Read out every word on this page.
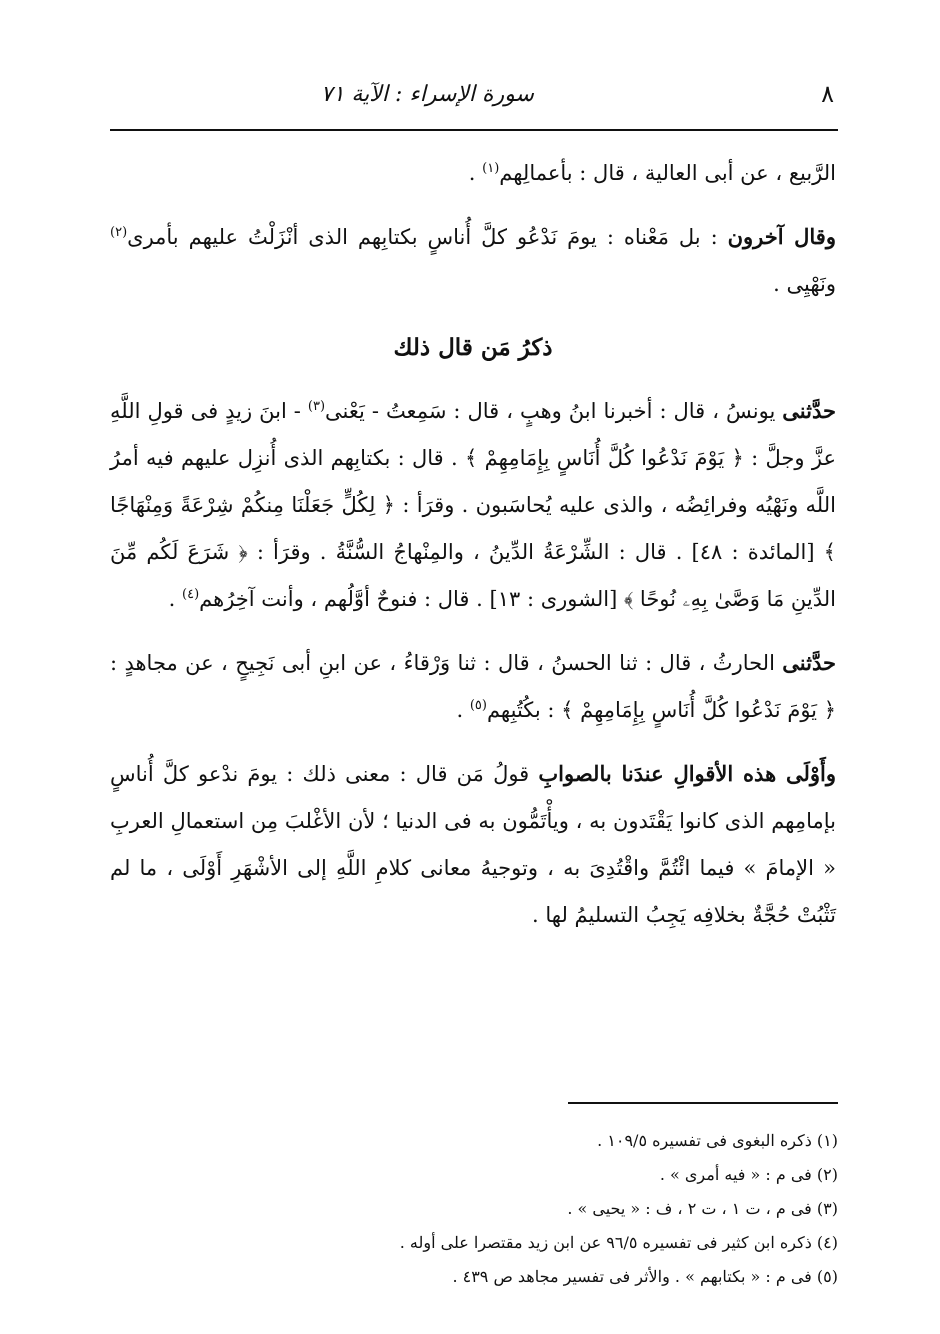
٨
سورة الإسراء : الآية ٧١

الرَّبيع ، عن أبى العالية ، قال : بأعمالِهم$^{(١)}$ .

وقال آخرون : بل مَعْناه : يومَ نَدْعُو كلَّ أُناسٍ بكتابِهم الذى أنْزَلْتُ عليهم بأمرى$^{(٢)}$ ونَهْيِى .

ذكرُ مَن قال ذلك

حدَّثنى يونسُ ، قال : أخبرنا ابنُ وهبٍ ، قال : سَمِعتُ - يَعْنى$^{(٣)}$ - ابنَ زيدٍ فى قولِ اللَّهِ عزَّ وجلَّ : ﴿ يَوْمَ نَدْعُوا كُلَّ أُنَاسٍ بِإِمَامِهِمْ ﴾ . قال : بكتابِهم الذى أُنزِل عليهم فيه أمرُ اللَّه ونَهْيُه وفرائِضُه ، والذى عليه يُحاسَبون . وقرَأ : ﴿ لِكُلٍّ جَعَلْنَا مِنكُمْ شِرْعَةً وَمِنْهَاجًا ﴾ [المائدة : ٤٨] . قال : الشِّرْعَةُ الدِّينُ ، والمِنْهاجُ السُّنَّةُ . وقرَأ : ﴿ شَرَعَ لَكُم مِّنَ الدِّينِ مَا وَصَّىٰ بِهِۦ نُوحًا ﴾ [الشورى : ١٣] . قال : فنوحٌ أوَّلُهم ، وأنت آخِرُهم$^{(٤)}$ .

حدَّثنى الحارثُ ، قال : ثنا الحسنُ ، قال : ثنا وَرْقاءُ ، عن ابنِ أبى نَجِيحٍ ، عن مجاهدٍ : ﴿ يَوْمَ نَدْعُوا كُلَّ أُنَاسٍ بِإِمَامِهِمْ ﴾ : بكُتُبِهم$^{(٥)}$ .

وأَوْلَى هذه الأقوالِ عندَنا بالصوابِ قولُ مَن قال : معنى ذلك : يومَ ندْعو كلَّ أُناسٍ بإمامِهم الذى كانوا يَقْتَدون به ، ويأْتَمُّون به فى الدنيا ؛ لأن الأغْلبَ مِن استعمالِ العربِ « الإمامَ » فيما ائْتُمَّ واقْتُدِىَ به ، وتوجيهُ معانى كلامِ اللَّهِ إلى الأشْهَرِ أَوْلَى ، ما لم تَثْبُتْ حُجَّةٌ بخلافِه يَجِبُ التسليمُ لها .

(١) ذكره البغوى فى تفسيره ١٠٩/٥ .

(٢) فى م : « فيه أمرى » .

(٣) فى م ، ت ١ ، ت ٢ ، ف : « يحيى » .

(٤) ذكره ابن كثير فى تفسيره ٩٦/٥ عن ابن زيد مقتصرا على أوله .

(٥) فى م : « بكتابهم » . والأثر فى تفسير مجاهد ص ٤٣٩ .
